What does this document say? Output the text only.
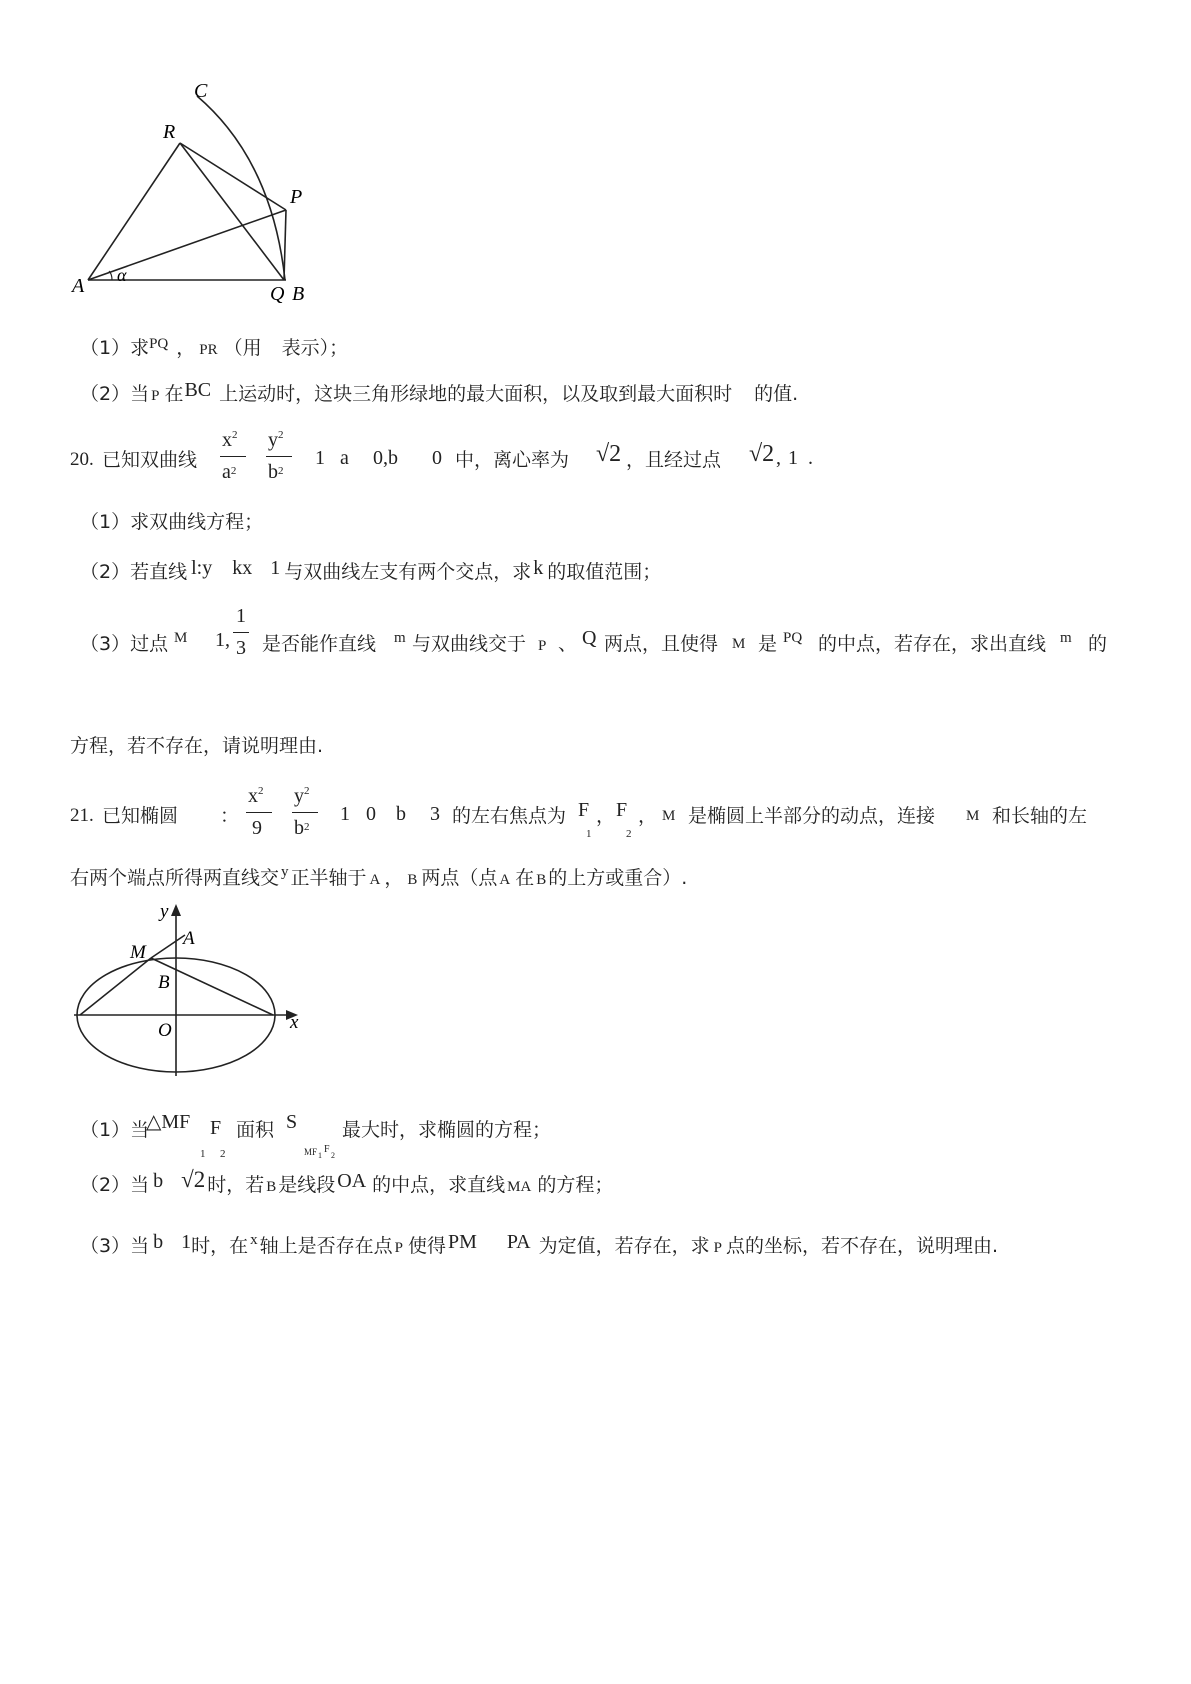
C
R
P
A α
Q B
（1）求$^{PQ}$ ， PR （用 表示）；
（2）当 P 在BC 上运动时，这块三角形绿地的最大面积，以及取到最大面积时 的值.
20. 已知双曲线
$x^2$
$a^2$
$y^2$
$b^2$
1 a 0,b 0 中，离心率为 √2 ，且经过点 √2 , 1 .
（1）求双曲线方程；
（2）若直线 l:y kx 1 与双曲线左支有两个交点，求 k 的取值范围；
（3）过点 M 1,
1
3 是否能作直线 m 与双曲线交于 P 、 Q 两点，且使得 M 是 PQ 的中点，若存在，求出直线 m 的
方程，若不存在，请说明理由.
21. 已知椭圆 ：
$x^2$
9
$y^2$
$b^2$
1 0 b 3 的左右焦点为 F
1
， F
2
， M 是椭圆上半部分的动点，连接 M 和长轴的左
右两个端点所得两直线交 $^y$ 正半轴于 A ， B 两点（点 A 在 B 的上方或重合）.
y
A
M
B
O	x
（1）当
△MF
1
F
2
面积 S
MF 1
F
2
最大时，求椭圆的方程；
（2）当 b √2 时，若 B 是线段 OA 的中点，求直线 MA 的方程；
（3）当 b 1时，在 $^x$ 轴上是否存在点 P 使得 PM PA 为定值，若存在，求 P 点的坐标，若不存在，说明理由.
